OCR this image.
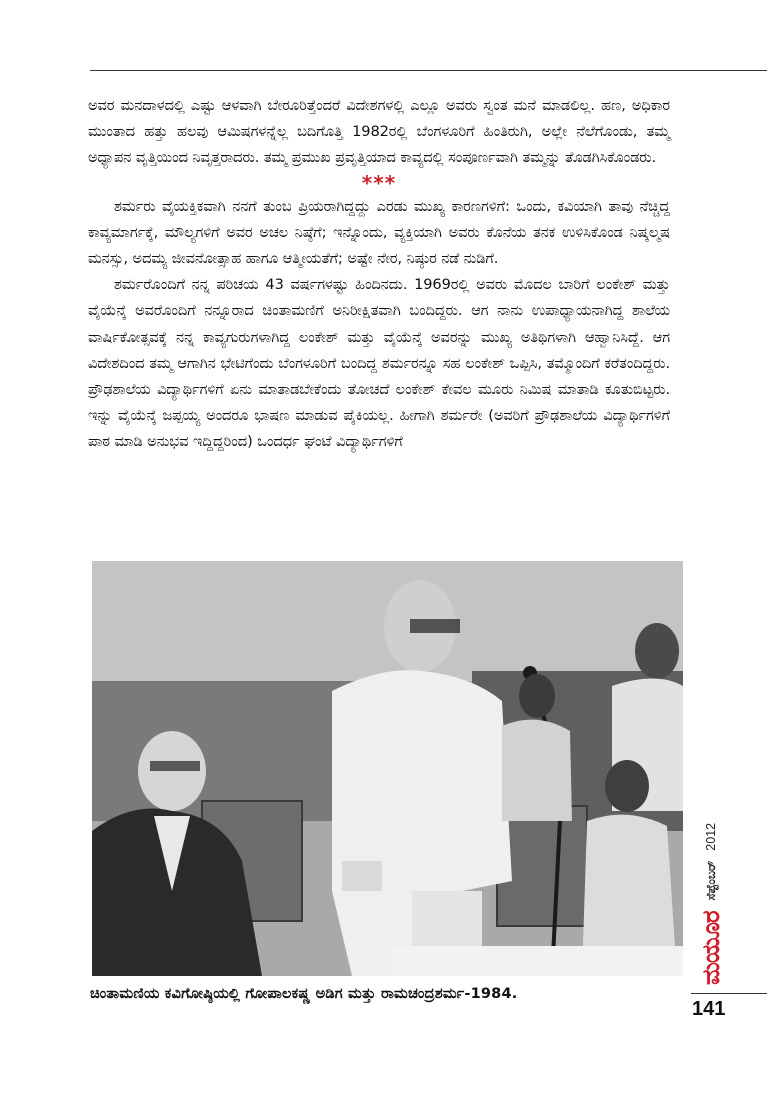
ಅವರ ಮನದಾಳದಲ್ಲಿ ಎಷ್ಟು ಆಳವಾಗಿ ಬೇರೂರಿತ್ತೆಂದರೆ ವಿದೇಶಗಳಲ್ಲಿ ಎಲ್ಲೂ ಅವರು ಸ್ವಂತ ಮನೆ ಮಾಡಲಿಲ್ಲ. ಹಣ, ಅಧಿಕಾರ ಮುಂತಾದ ಹತ್ತು ಹಲವು ಆಮಿಷಗಳನ್ನೆಲ್ಲ ಬದಿಗೊತ್ತಿ 1982ರಲ್ಲಿ ಬೆಂಗಳೂರಿಗೆ ಹಿಂತಿರುಗಿ, ಅಲ್ಲೇ ನೆಲೆಗೊಂಡು, ತಮ್ಮ ಅಧ್ಯಾಪನ ವೃತ್ತಿಯಿಂದ ನಿವೃತ್ತರಾದರು. ತಮ್ಮ ಪ್ರಮುಖ ಪ್ರವೃತ್ತಿಯಾದ ಕಾವ್ಯದಲ್ಲಿ ಸಂಪೂರ್ಣವಾಗಿ ತಮ್ಮನ್ನು ತೊಡಗಿಸಿಕೊಂಡರು.

***

ಶರ್ಮರು ವೈಯಕ್ತಿಕವಾಗಿ ನನಗೆ ತುಂಬ ಪ್ರಿಯರಾಗಿದ್ದದ್ದು ಎರಡು ಮುಖ್ಯ ಕಾರಣಗಳಿಗೆ: ಒಂದು, ಕವಿಯಾಗಿ ತಾವು ನೆಚ್ಚಿದ್ದ ಕಾವ್ಯಮಾರ್ಗಕ್ಕೆ, ಮೌಲ್ಯಗಳಿಗೆ ಅವರ ಅಚಲ ನಿಷ್ಠೆಗೆ; ಇನ್ನೊಂದು, ವ್ಯಕ್ತಿಯಾಗಿ ಅವರು ಕೊನೆಯ ತನಕ ಉಳಿಸಿಕೊಂಡ ನಿಷ್ಕಲ್ಮಷ ಮನಸ್ಸು, ಅದಮ್ಯ ಜೀವನೋತ್ಸಾಹ ಹಾಗೂ ಆತ್ಮೀಯತೆಗೆ; ಅಷ್ಟೇ ನೇರ, ನಿಷ್ಠುರ ನಡೆ ನುಡಿಗೆ.

ಶರ್ಮರೊಂದಿಗೆ ನನ್ನ ಪರಿಚಯ 43 ವರ್ಷಗಳಷ್ಟು ಹಿಂದಿನದು. 1969ರಲ್ಲಿ ಅವರು ಮೊದಲ ಬಾರಿಗೆ ಲಂಕೇಶ್ ಮತ್ತು ವೈಯೆನ್ಕೆ ಅವರೊಂದಿಗೆ ನನ್ನೂರಾದ ಚಿಂತಾಮಣಿಗೆ ಅನಿರೀಕ್ಷಿತವಾಗಿ ಬಂದಿದ್ದರು. ಆಗ ನಾನು ಉಪಾಧ್ಯಾಯನಾಗಿದ್ದ ಶಾಲೆಯ ವಾರ್ಷಿಕೋತ್ಸವಕ್ಕೆ ನನ್ನ ಕಾವ್ಯಗುರುಗಳಾಗಿದ್ದ ಲಂಕೇಶ್ ಮತ್ತು ವೈಯೆನ್ಕೆ ಅವರನ್ನು ಮುಖ್ಯ ಅತಿಥಿಗಳಾಗಿ ಆಹ್ವಾನಿಸಿದ್ದೆ. ಆಗ ವಿದೇಶದಿಂದ ತಮ್ಮ ಆಗಾಗಿನ ಭೇಟಿಗೆಂದು ಬೆಂಗಳೂರಿಗೆ ಬಂದಿದ್ದ ಶರ್ಮರನ್ನೂ ಸಹ ಲಂಕೇಶ್ ಒಪ್ಪಿಸಿ, ತಮ್ಮೊಂದಿಗೆ ಕರೆತಂದಿದ್ದರು. ಪ್ರೌಢಶಾಲೆಯ ವಿದ್ಯಾರ್ಥಿಗಳಿಗೆ ಏನು ಮಾತಾಡಬೇಕೆಂದು ತೋಚದೆ ಲಂಕೇಶ್ ಕೇವಲ ಮೂರು ನಿಮಿಷ ಮಾತಾಡಿ ಕೂತುಬಿಟ್ಟರು. ಇನ್ನು ವೈಯೆನ್ಕೆ ಜಪ್ಪಯ್ಯ ಅಂದರೂ ಭಾಷಣ ಮಾಡುವ ಪೈಕಿಯಲ್ಲ. ಹೀಗಾಗಿ ಶರ್ಮರೇ (ಅವರಿಗೆ ಪ್ರೌಢಶಾಲೆಯ ವಿದ್ಯಾರ್ಥಿಗಳಿಗೆ ಪಾಠ ಮಾಡಿ ಅನುಭವ ಇದ್ದಿದ್ದರಿಂದ) ಒಂದರ್ಧ ಘಂಟೆ ವಿದ್ಯಾರ್ಥಿಗಳಿಗೆ

ಚಿಂತಾಮಣಿಯ ಕವಿಗೋಷ್ಠಿಯಲ್ಲಿ ಗೋಪಾಲಕಷ್ಣ ಅಡಿಗ ಮತ್ತು ರಾಮಚಂದ್ರಶರ್ಮ-1984.
ಮಯೂರ ಸೆಪ್ಟೆಂಬರ್ 2012
141
